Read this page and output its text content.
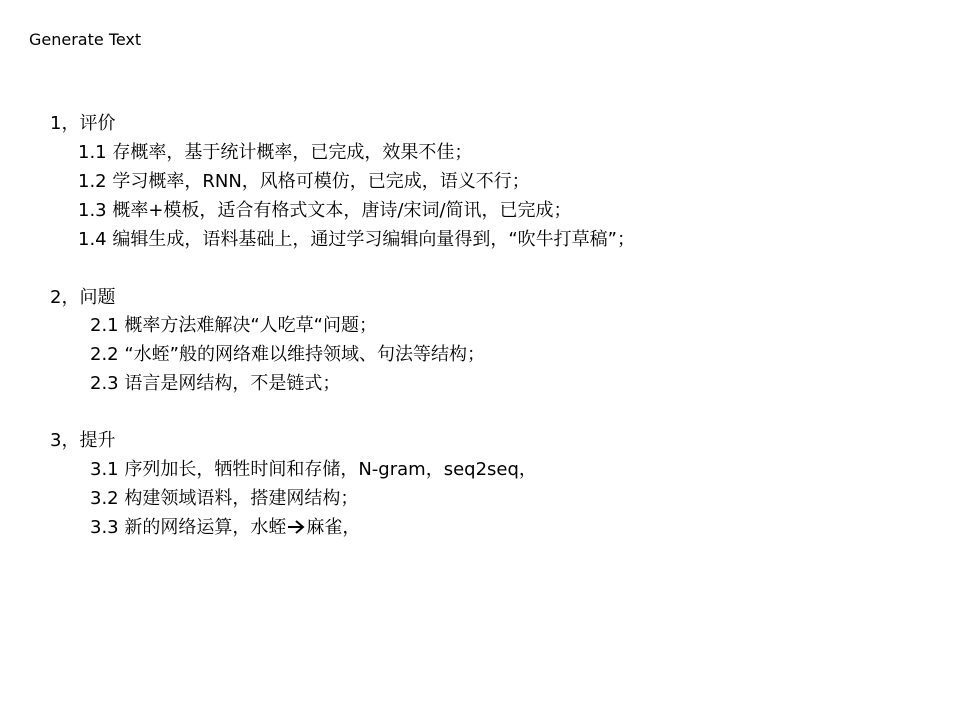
Generate Text
1，评价
1.1 存概率，基于统计概率，已完成，效果不佳；
1.2 学习概率，RNN，风格可模仿，已完成，语义不行；
1.3 概率+模板，适合有格式文本，唐诗/宋词/简讯，已完成；
1.4 编辑生成，语料基础上，通过学习编辑向量得到，“吹牛打草稿”；
2，问题
2.1 概率方法难解决“人吃草“问题；
2.2 “水蛭”般的网络难以维持领域、句法等结构；
2.3 语言是网结构，不是链式；
3，提升
3.1 序列加长，牺牲时间和存储，N-gram，seq2seq，
3.2 构建领域语料，搭建网结构；
3.3 新的网络运算，水蛭 麻雀，
